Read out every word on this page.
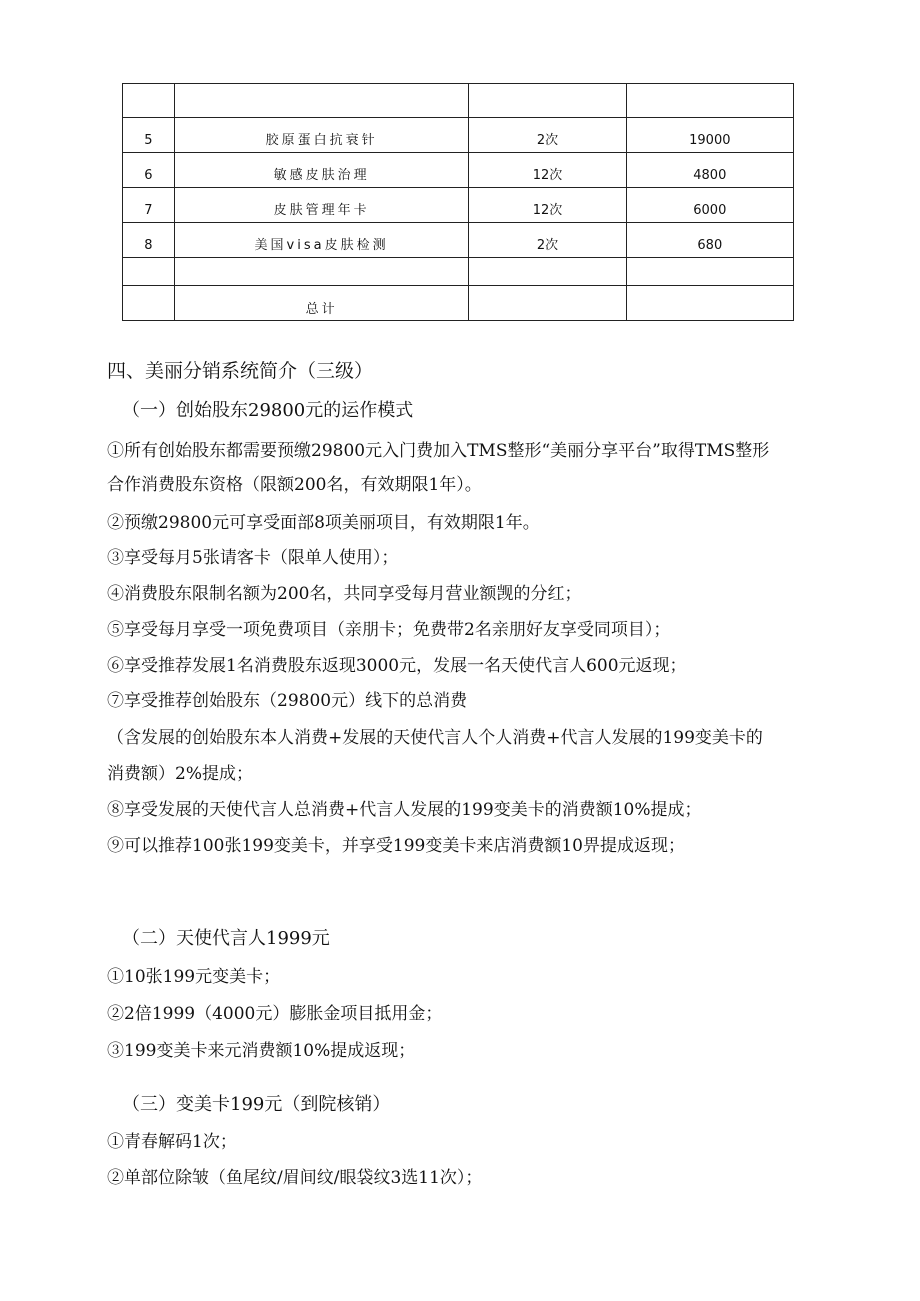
5	胶原蛋白抗衰针	2次	19000
6	敏感皮肤治理	12次	4800
7	皮肤管理年卡	12次	6000
8	美国visa皮肤检测	2次	680

	总计		
四、美丽分销系统简介（三级）
（一）创始股东29800元的运作模式
①所有创始股东都需要预缴29800元入门费加入TMS整形“美丽分享平台”取得TMS整形
合作消费股东资格（限额200名，有效期限1年）。
②预缴29800元可享受面部8项美丽项目，有效期限1年。
③享受每月5张请客卡（限单人使用）；
④消费股东限制名额为200名，共同享受每月营业额觊的分红；
⑤享受每月享受一项免费项目（亲朋卡；免费带2名亲朋好友享受同项目）；
⑥享受推荐发展1名消费股东返现3000元，发展一名天使代言人600元返现；
⑦享受推荐创始股东（29800元）线下的总消费
（含发展的创始股东本人消费+发展的天使代言人个人消费+代言人发展的199变美卡的
消费额）2%提成；
⑧享受发展的天使代言人总消费+代言人发展的199变美卡的消费额10%提成；
⑨可以推荐100张199变美卡，并享受199变美卡来店消费额10畀提成返现；
（二）天使代言人1999元
①10张199元变美卡；
②2倍1999（4000元）膨胀金项目抵用金；
③199变美卡来元消费额10%提成返现；
（三）变美卡199元（到院核销）
①青春解码1次；
②单部位除皱（鱼尾纹/眉间纹/眼袋纹3选11次）；
